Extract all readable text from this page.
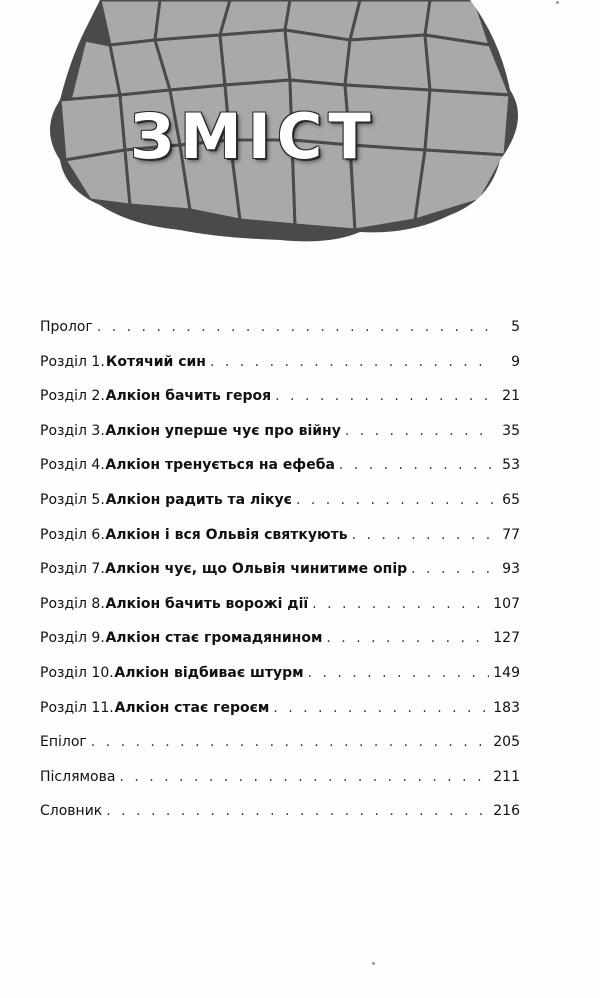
ЗМІСТ
Пролог . . .	5
Розділ 1. Котячий син . . .	9
Розділ 2. Алкіон бачить героя . . .	21
Розділ 3. Алкіон уперше чує про війну . . .	35
Розділ 4. Алкіон тренується на ефеба . . .	53
Розділ 5. Алкіон радить та лікує . . .	65
Розділ 6. Алкіон і вся Ольвія святкують . . .	77
Розділ 7. Алкіон чує, що Ольвія чинитиме опір . . .	93
Розділ 8. Алкіон бачить ворожі дії . . .	107
Розділ 9. Алкіон стає громадянином . . .	127
Розділ 10. Алкіон відбиває штурм . . .	149
Розділ 11. Алкіон стає героєм . . .	183
Епілог . . .	205
Післямова . . .	211
Словник . . .	216
